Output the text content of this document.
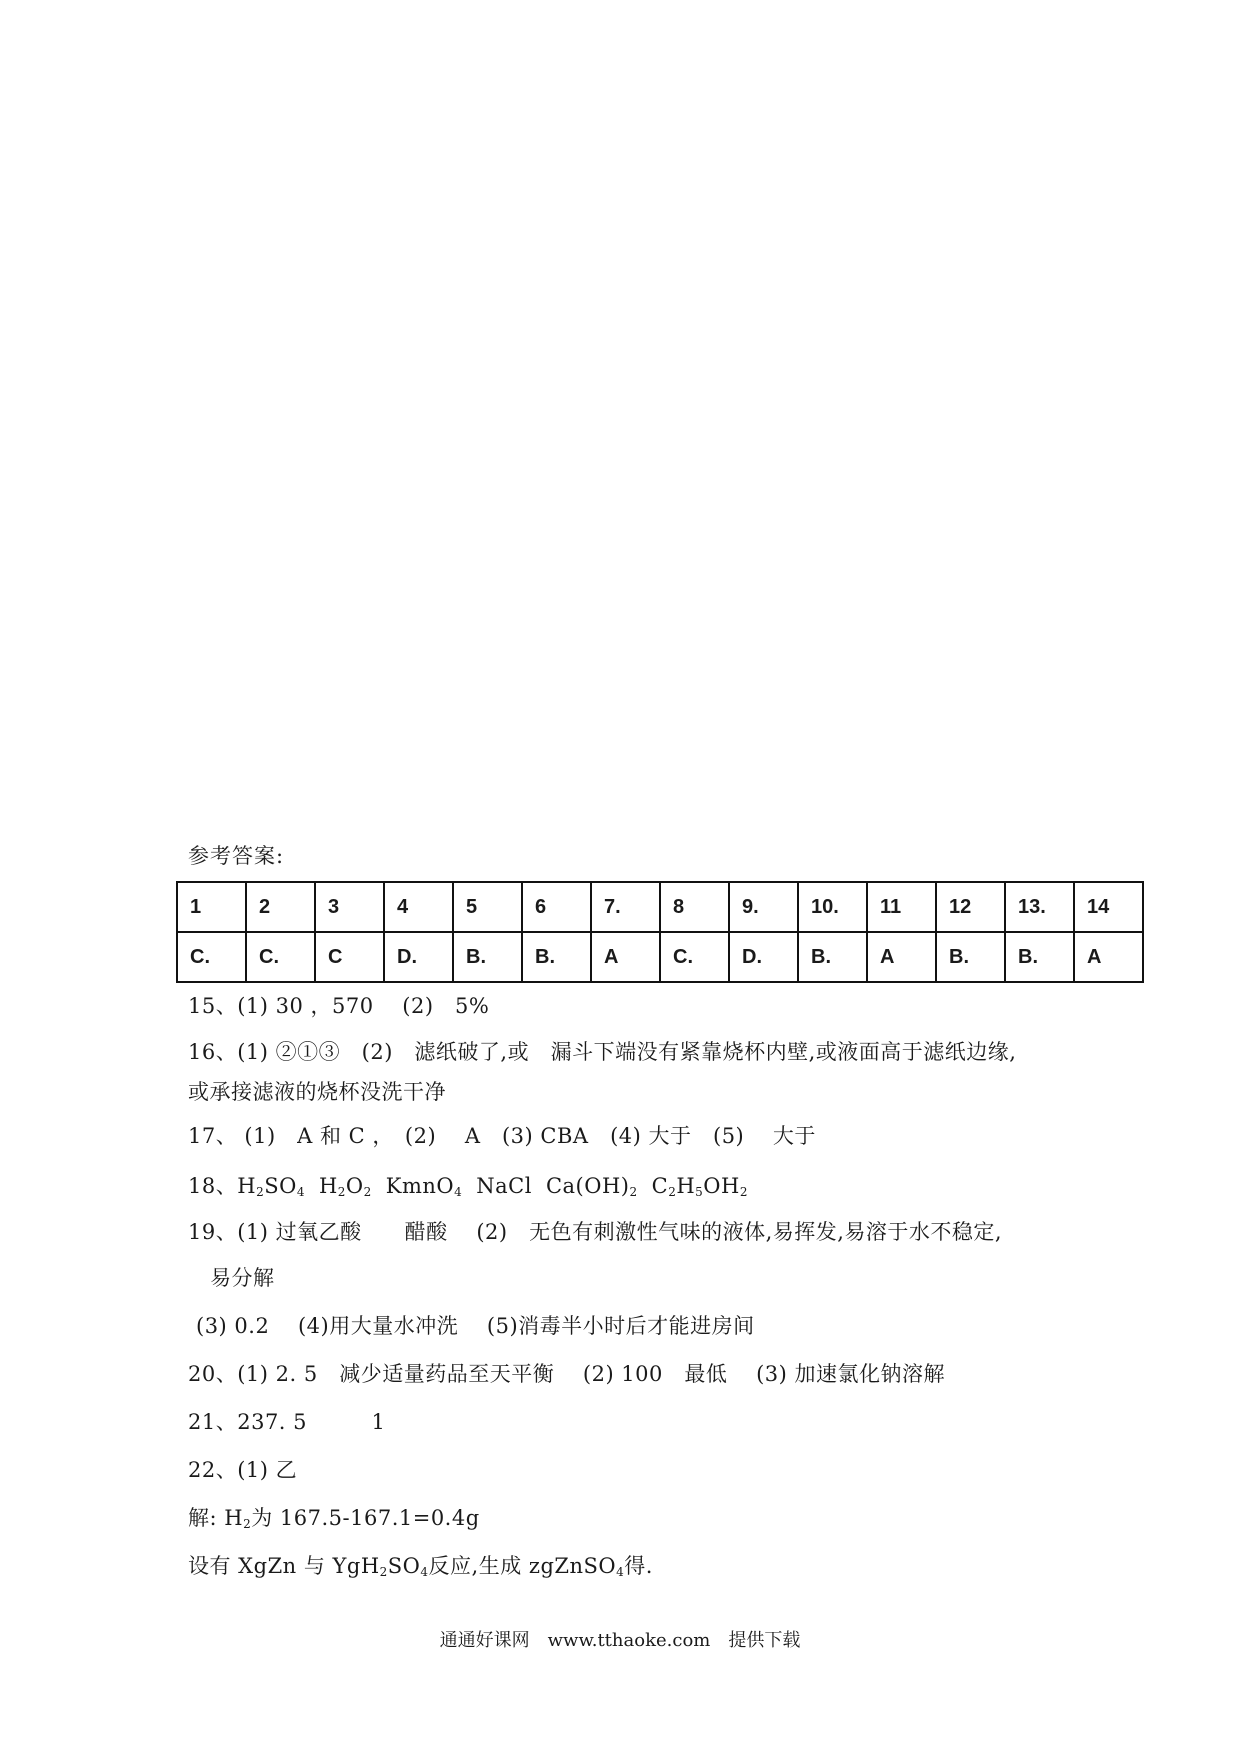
参考答案:
1	2	3	4	5	6	7.	8	9.	10.	11	12	13.	14
C.	C.	C	D.	B.	B.	A	C.	D.	B.	A	B.	B.	A
15、(1) 30 ，570　 (2)　5%
16、(1) ②①③　(2)　滤纸破了,或　漏斗下端没有紧靠烧杯内壁,或液面高于滤纸边缘,
或承接滤液的烧杯没洗干净
17、 (1)　A 和 C ，　(2)　 A　(3) CBA　(4) 大于　(5)　 大于
18、$H_2SO_4$ $H_2O_2$ KmnO$_4$ NaCl $Ca(OH)_2$ $C_2H_5OH_2$
19、(1) 过氧乙酸　　醋酸　 (2)　无色有刺激性气味的液体,易挥发,易溶于水不稳定,
易分解
(3) 0.2　 (4)用大量水冲洗　 (5)消毒半小时后才能进房间
20、(1) 2. 5　减少适量药品至天平衡　 (2) 100　最低　 (3) 加速氯化钠溶解
21、237. 5　　　1
22、(1) 乙
解: $H_2$为 167.5-167.1=0.4g
设有 XgZn 与 $YgH_2SO_4$反应,生成 zgZnSO$_4$得.
通通好课网　www.tthaoke.com　提供下载
